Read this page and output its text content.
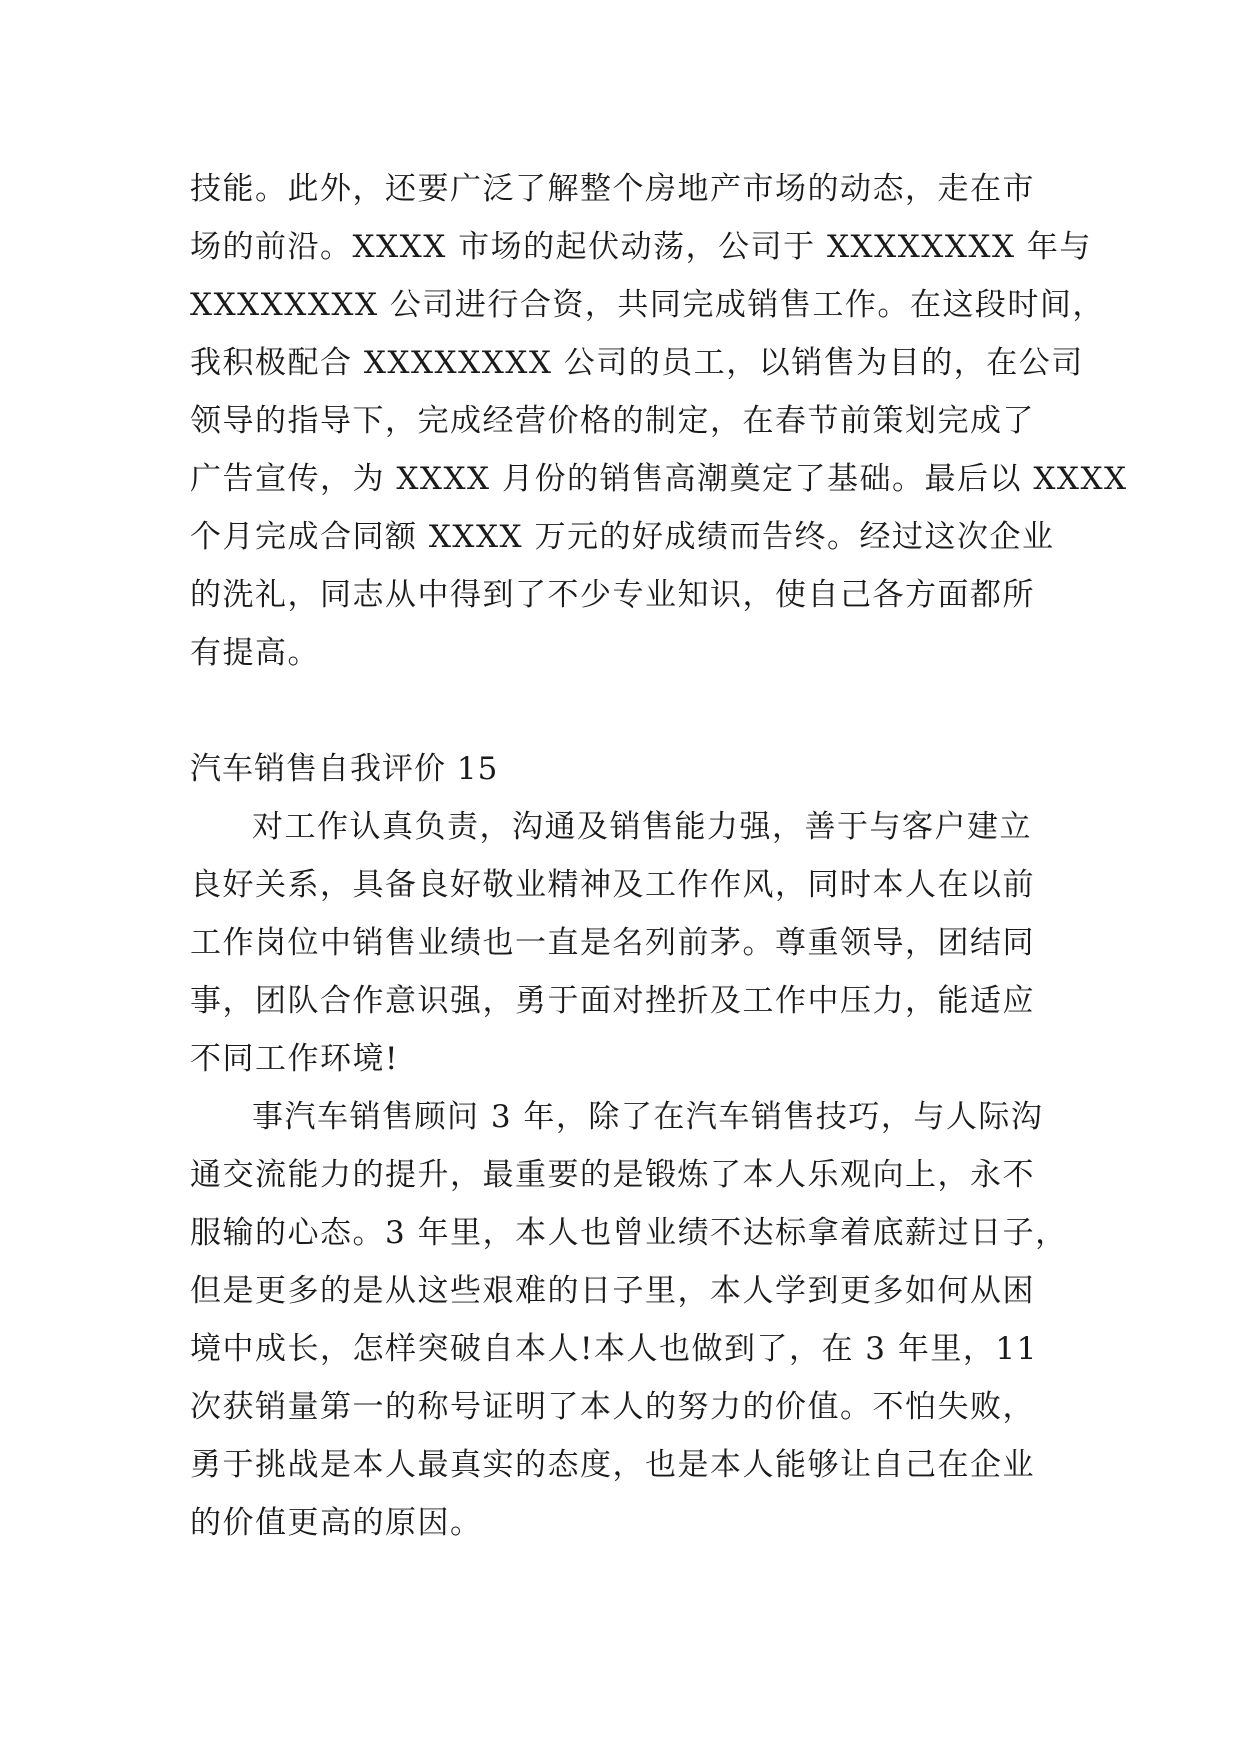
技能。此外，还要广泛了解整个房地产市场的动态，走在市
场的前沿。XXXX 市场的起伏动荡，公司于 XXXXXXXX 年与
XXXXXXXX 公司进行合资，共同完成销售工作。在这段时间，
我积极配合 XXXXXXXX 公司的员工，以销售为目的，在公司
领导的指导下，完成经营价格的制定，在春节前策划完成了
广告宣传，为 XXXX 月份的销售高潮奠定了基础。最后以 XXXX
个月完成合同额 XXXX 万元的好成绩而告终。经过这次企业
的洗礼，同志从中得到了不少专业知识，使自己各方面都所
有提高。
汽车销售自我评价 15
对工作认真负责，沟通及销售能力强，善于与客户建立
良好关系，具备良好敬业精神及工作作风，同时本人在以前
工作岗位中销售业绩也一直是名列前茅。尊重领导，团结同
事，团队合作意识强，勇于面对挫折及工作中压力，能适应
不同工作环境!
事汽车销售顾问 3 年，除了在汽车销售技巧，与人际沟
通交流能力的提升，最重要的是锻炼了本人乐观向上，永不
服输的心态。3 年里，本人也曾业绩不达标拿着底薪过日子，
但是更多的是从这些艰难的日子里，本人学到更多如何从困
境中成长，怎样突破自本人!本人也做到了，在 3 年里，11
次获销量第一的称号证明了本人的努力的价值。不怕失败，
勇于挑战是本人最真实的态度，也是本人能够让自己在企业
的价值更高的原因。
